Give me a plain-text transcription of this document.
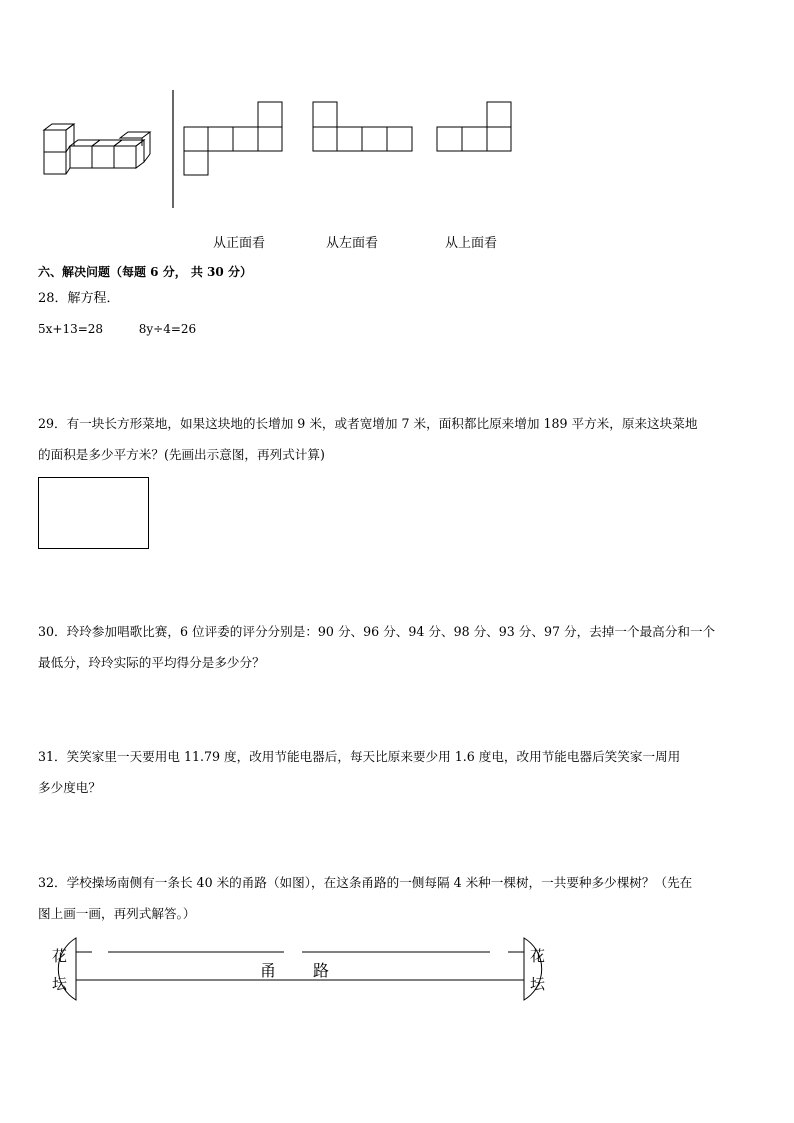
从正面看	从左面看	从上面看
六、解决问题（每题 6 分， 共 30 分）
28．解方程．
5x+13=28	8y÷4=26
29．有一块长方形菜地，如果这块地的长增加 9 米，或者宽增加 7 米，面积都比原来增加 189 平方米，原来这块菜地
的面积是多少平方米？(先画出示意图，再列式计算)
30．玲玲参加唱歌比赛，6 位评委的评分分别是：90 分、96 分、94 分、98 分、93 分、97 分，去掉一个最高分和一个
最低分，玲玲实际的平均得分是多少分？
31．笑笑家里一天要用电 11.79 度，改用节能电器后，每天比原来要少用 1.6 度电，改用节能电器后笑笑家一周用
多少度电？
32．学校操场南侧有一条长 40 米的甬路（如图），在这条甬路的一侧每隔 4 米种一棵树，一共要种多少棵树？（先在
图上画一画，再列式解答。）
花
坛
花
坛
甬 路
